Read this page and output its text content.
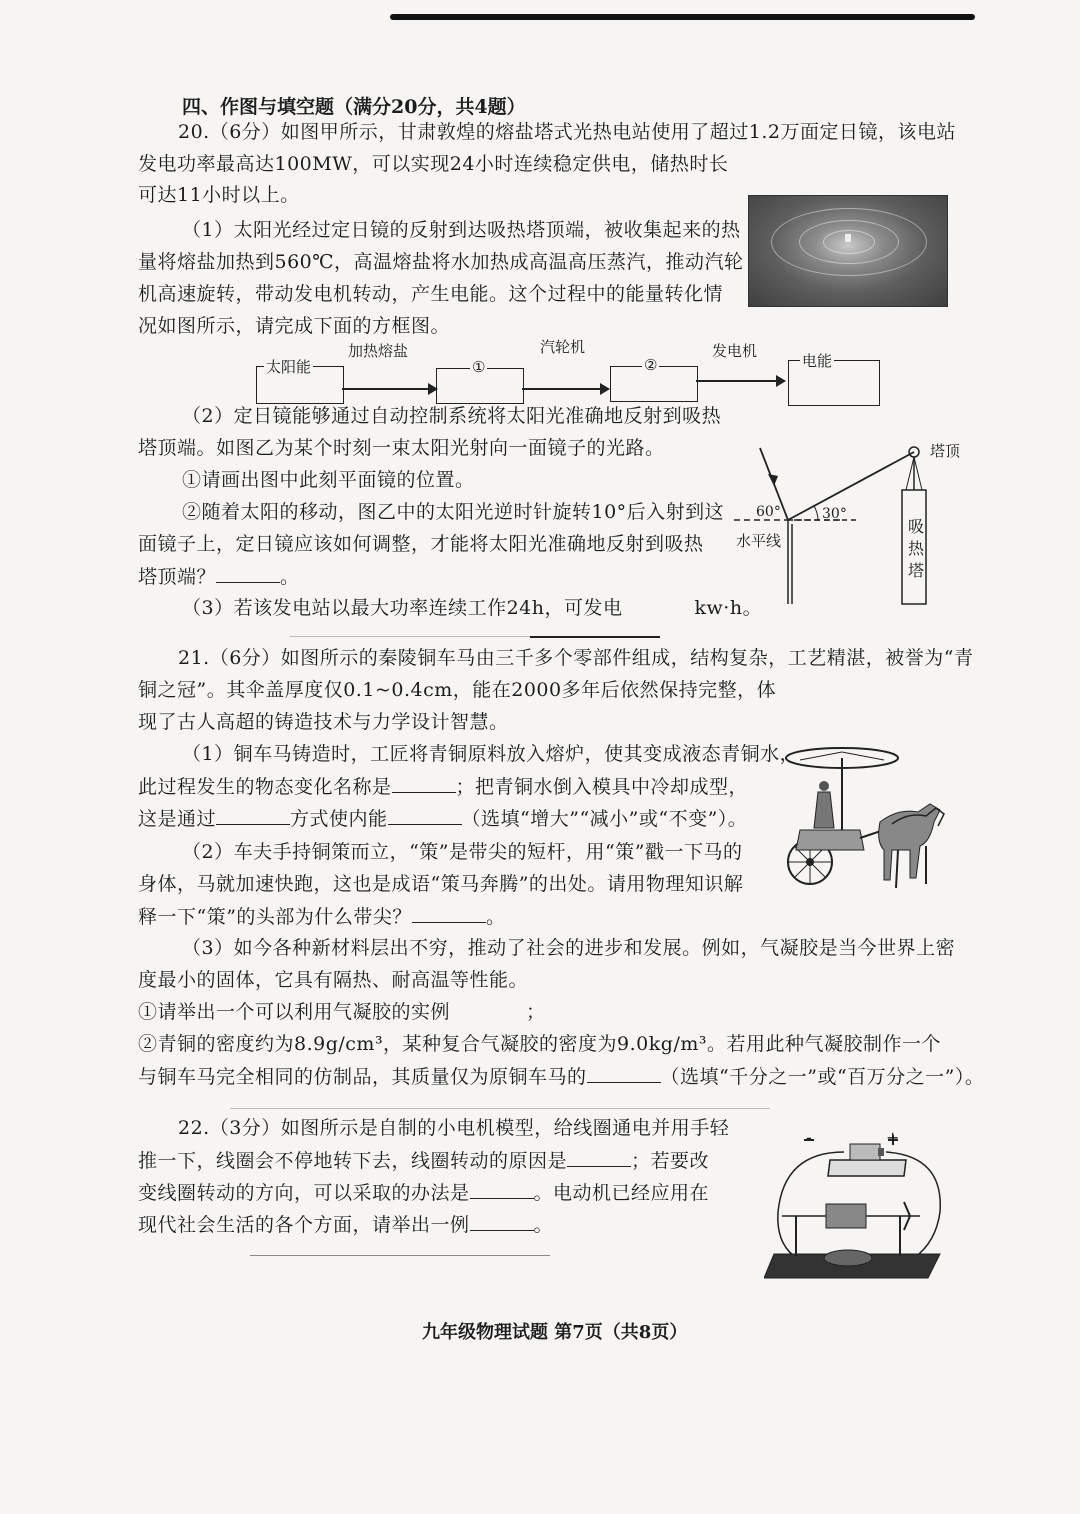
四、作图与填空题（满分20分，共4题）
20.（6分）如图甲所示，甘肃敦煌的熔盐塔式光热电站使用了超过1.2万面定日镜，该电站
发电功率最高达100MW，可以实现24小时连续稳定供电，储热时长
可达11小时以上。
（1）太阳光经过定日镜的反射到达吸热塔顶端，被收集起来的热
量将熔盐加热到560℃，高温熔盐将水加热成高温高压蒸汽，推动汽轮
机高速旋转，带动发电机转动，产生电能。这个过程中的能量转化情
况如图所示，请完成下面的方框图。
太阳能
加热熔盐
①
汽轮机
②
发电机
电能
（2）定日镜能够通过自动控制系统将太阳光准确地反射到吸热
塔顶端。如图乙为某个时刻一束太阳光射向一面镜子的光路。
①请画出图中此刻平面镜的位置。
②随着太阳的移动，图乙中的太阳光逆时针旋转10°后入射到这
面镜子上，定日镜应该如何调整，才能将太阳光准确地反射到吸热
塔顶端？	。
（3）若该发电站以最大功率连续工作24h，可发电	kw·h。
60°	30°
水平线
塔顶
吸热塔
21.（6分）如图所示的秦陵铜车马由三千多个零部件组成，结构复杂，工艺精湛，被誉为“青
铜之冠”。其伞盖厚度仅0.1~0.4cm，能在2000多年后依然保持完整，体
现了古人高超的铸造技术与力学设计智慧。
（1）铜车马铸造时，工匠将青铜原料放入熔炉，使其变成液态青铜水，
此过程发生的物态变化名称是	；把青铜水倒入模具中冷却成型，
这是通过	方式使内能	（选填“增大”“减小”或“不变”）。
（2）车夫手持铜策而立，“策”是带尖的短杆，用“策”戳一下马的
身体，马就加速快跑，这也是成语“策马奔腾”的出处。请用物理知识解
释一下“策”的头部为什么带尖？	。
（3）如今各种新材料层出不穷，推动了社会的进步和发展。例如，气凝胶是当今世界上密
度最小的固体，它具有隔热、耐高温等性能。
①请举出一个可以利用气凝胶的实例	；
②青铜的密度约为8.9g/cm³，某种复合气凝胶的密度为9.0kg/m³。若用此种气凝胶制作一个
与铜车马完全相同的仿制品，其质量仅为原铜车马的	（选填“千分之一”或“百万分之一”）。
22.（3分）如图所示是自制的小电机模型，给线圈通电并用手轻
推一下，线圈会不停地转下去，线圈转动的原因是	；若要改
变线圈转动的方向，可以采取的办法是	。电动机已经应用在
现代社会生活的各个方面，请举出一例	。
-	+
九年级物理试题 第7页（共8页）
